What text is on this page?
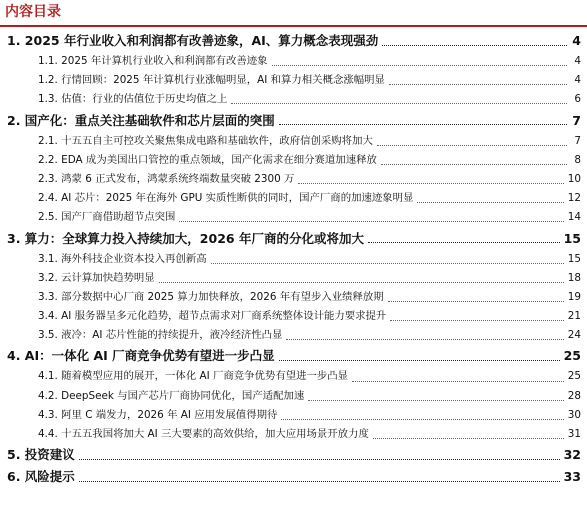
内容目录
1. 2025 年行业收入和利润都有改善迹象，AI、算力概念表现强劲	4
1.1. 2025 年计算机行业收入和利润都有改善迹象	4
1.2. 行情回顾：2025 年计算机行业涨幅明显，AI 和算力相关概念涨幅明显	4
1.3. 估值：行业的估值位于历史均值之上	6
2. 国产化：重点关注基础软件和芯片层面的突围	7
2.1. 十五五自主可控攻关聚焦集成电路和基础软件，政府信创采购将加大	7
2.2. EDA 成为美国出口管控的重点领域，国产化需求在细分赛道加速释放	8
2.3. 鸿蒙 6 正式发布，鸿蒙系统终端数量突破 2300 万	10
2.4. AI 芯片：2025 年在海外 GPU 实质性断供的同时，国产厂商的加速迹象明显	12
2.5. 国产厂商借助超节点突围	14
3. 算力：全球算力投入持续加大，2026 年厂商的分化或将加大	15
3.1. 海外科技企业资本投入再创新高	15
3.2. 云计算加快趋势明显	18
3.3. 部分数据中心厂商 2025 算力加快释放，2026 年有望步入业绩释放期	19
3.4. AI 服务器呈多元化趋势，超节点需求对厂商系统整体设计能力要求提升	21
3.5. 液冷：AI 芯片性能的持续提升，液冷经济性凸显	24
4. AI：一体化 AI 厂商竞争优势有望进一步凸显	25
4.1. 随着模型应用的展开，一体化 AI 厂商竞争优势有望进一步凸显	25
4.2. DeepSeek 与国产芯片厂商协同优化，国产适配加速	28
4.3. 阿里 C 端发力，2026 年 AI 应用发展值得期待	30
4.4. 十五五我国将加大 AI 三大要素的高效供给，加大应用场景开放力度	31
5. 投资建议	32
6. 风险提示	33
